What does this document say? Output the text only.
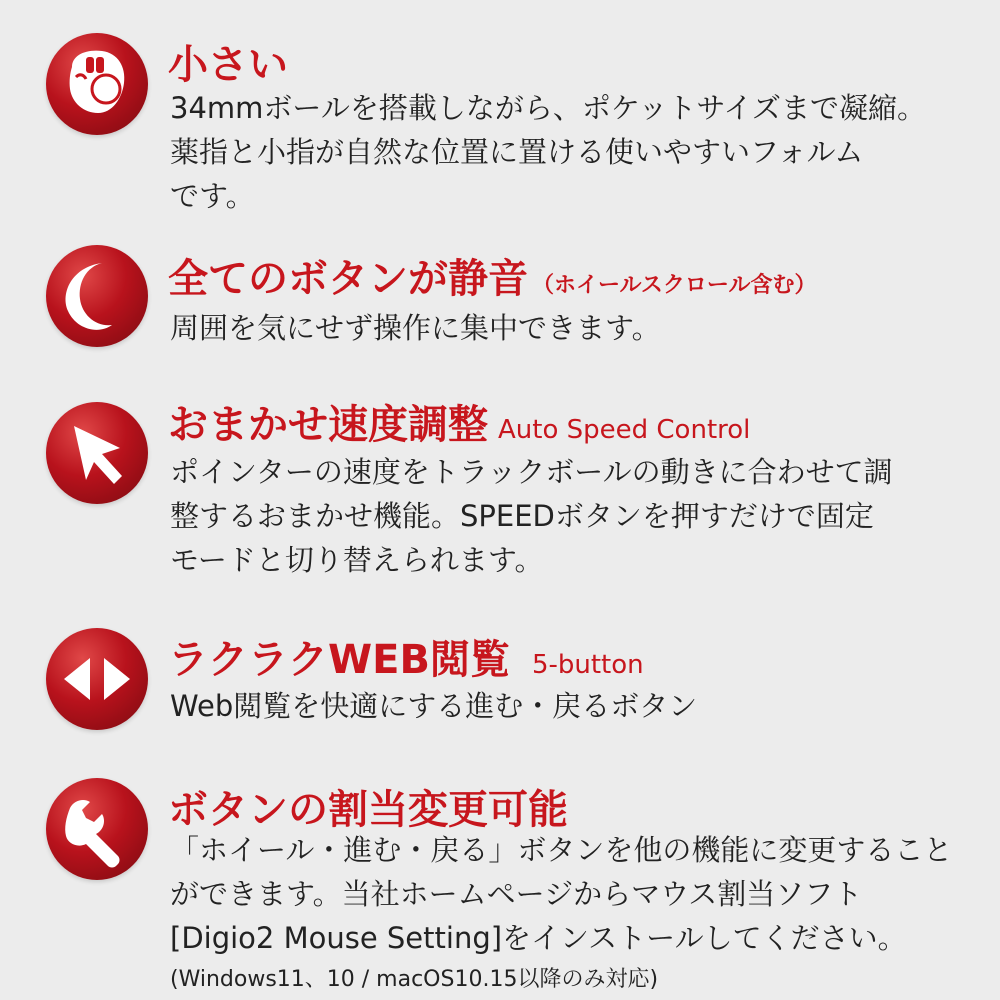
小さい
34mmボールを搭載しながら、ポケットサイズまで凝縮。
薬指と小指が自然な位置に置ける使いやすいフォルム
です。
全てのボタンが静音 （ホイールスクロール含む）
周囲を気にせず操作に集中できます。
おまかせ速度調整 Auto Speed Control
ポインターの速度をトラックボールの動きに合わせて調
整するおまかせ機能。SPEEDボタンを押すだけで固定
モードと切り替えられます。
ラクラクWEB閲覧 5-button
Web閲覧を快適にする進む・戻るボタン
ボタンの割当変更可能
「ホイール・進む・戻る」ボタンを他の機能に変更すること
ができます。当社ホームページからマウス割当ソフト
[Digio2 Mouse Setting]をインストールしてください。
(Windows11、10 / macOS10.15以降のみ対応)
